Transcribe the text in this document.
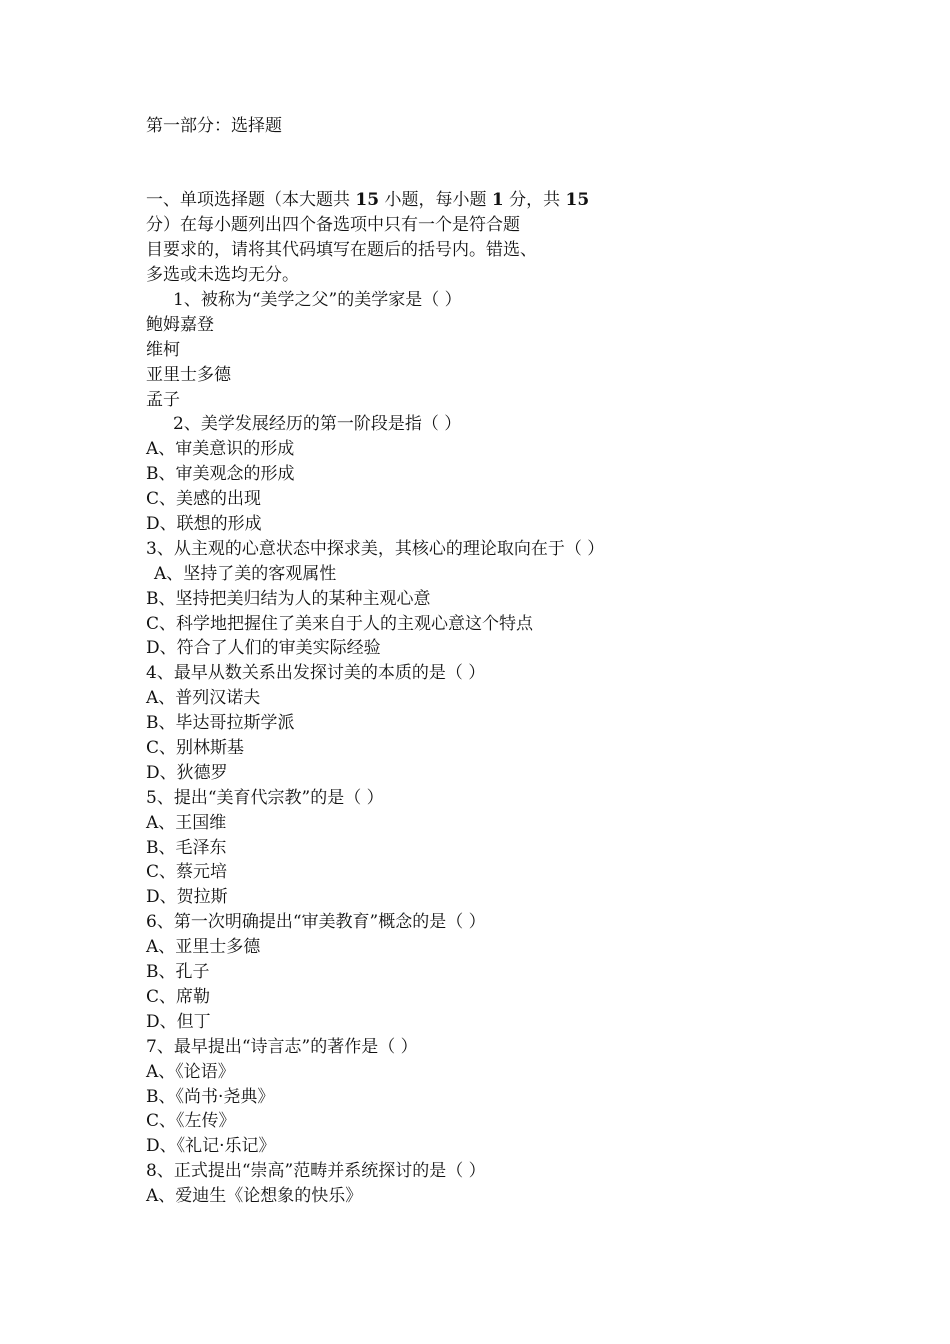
第一部分：选择题
一、单项选择题（本大题共 15 小题，每小题 1 分，共 15
分）在每小题列出四个备选项中只有一个是符合题
目要求的，请将其代码填写在题后的括号内。错选、
多选或未选均无分。
1、被称为“美学之父”的美学家是（ ）
鲍姆嘉登
维柯
亚里士多德
孟子
2、美学发展经历的第一阶段是指（ ）
A、审美意识的形成
B、审美观念的形成
C、美感的出现
D、联想的形成
3、从主观的心意状态中探求美，其核心的理论取向在于（ ）
A、坚持了美的客观属性
B、坚持把美归结为人的某种主观心意
C、科学地把握住了美来自于人的主观心意这个特点
D、符合了人们的审美实际经验
4、最早从数关系出发探讨美的本质的是（ ）
A、普列汉诺夫
B、毕达哥拉斯学派
C、别林斯基
D、狄德罗
5、提出“美育代宗教”的是（ ）
A、王国维
B、毛泽东
C、蔡元培
D、贺拉斯
6、第一次明确提出“审美教育”概念的是（ ）
A、亚里士多德
B、孔子
C、席勒
D、但丁
7、最早提出“诗言志”的著作是（ ）
A、《论语》
B、《尚书·尧典》
C、《左传》
D、《礼记·乐记》
8、正式提出“崇高”范畴并系统探讨的是（ ）
A、爱迪生《论想象的快乐》
